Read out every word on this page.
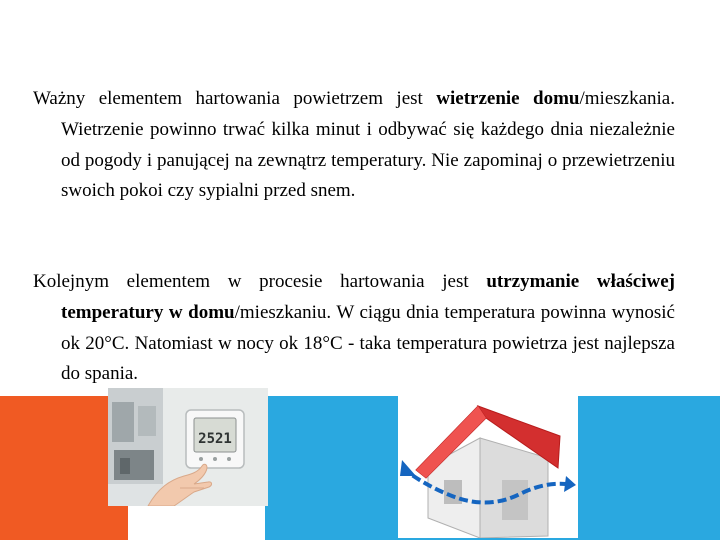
Ważny elementem hartowania powietrzem jest wietrzenie domu/mieszkania. Wietrzenie powinno trwać kilka minut i odbywać się każdego dnia niezależnie od pogody i panującej na zewnątrz temperatury. Nie zapominaj o przewietrzeniu swoich pokoi czy sypialni przed snem.

Kolejnym elementem w procesie hartowania jest utrzymanie właściwej temperatury w domu/mieszkaniu. W ciągu dnia temperatura powinna wynosić ok 20°C. Natomiast w nocy ok 18°C - taka temperatura powietrza jest najlepsza do spania.

2521
